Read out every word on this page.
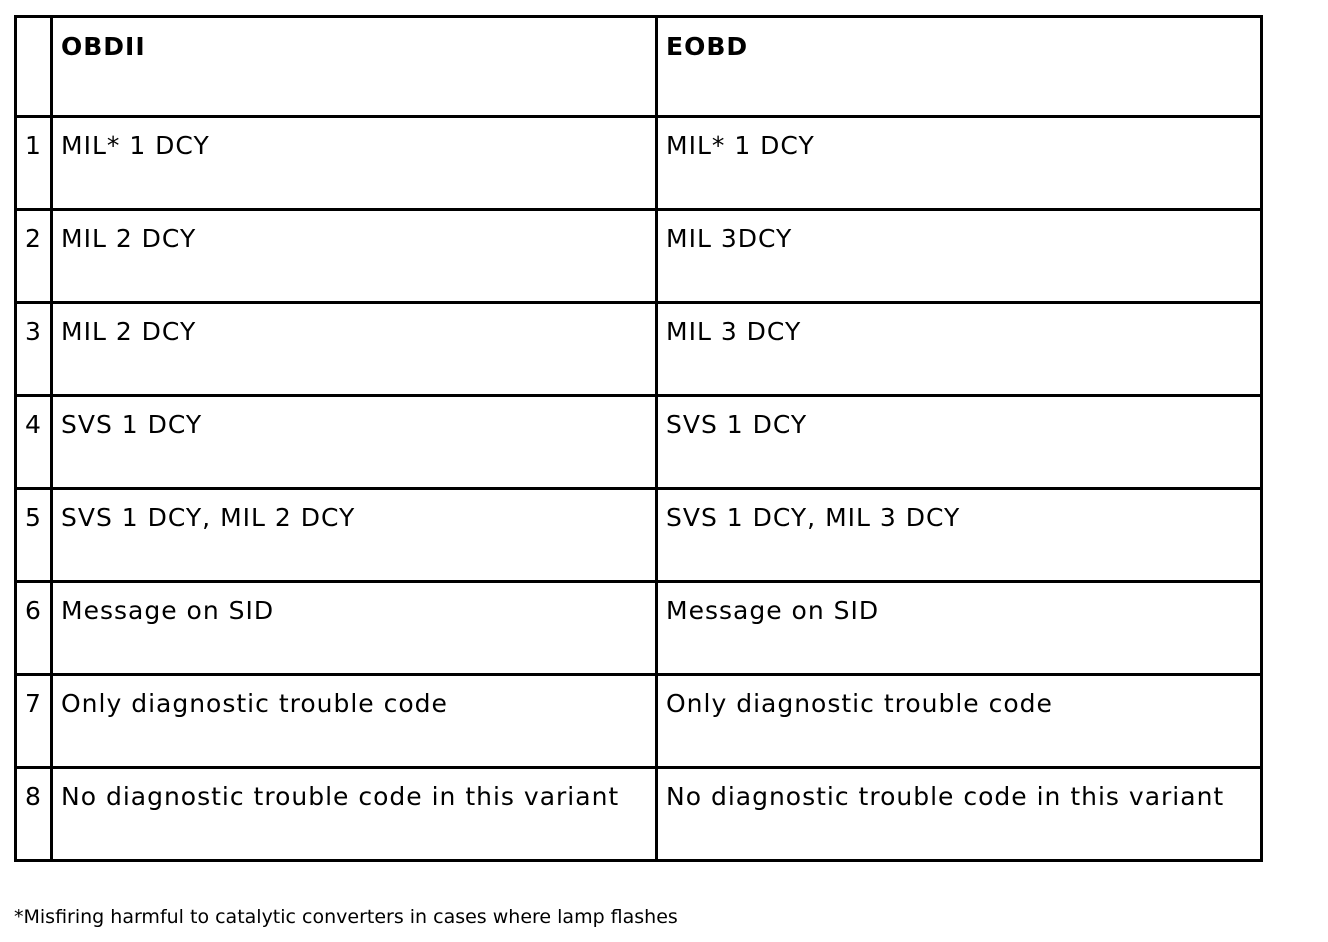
	OBDII	EOBD
1	MIL* 1 DCY	MIL* 1 DCY
2	MIL 2 DCY	MIL 3DCY
3	MIL 2 DCY	MIL 3 DCY
4	SVS 1 DCY	SVS 1 DCY
5	SVS 1 DCY, MIL 2 DCY	SVS 1 DCY, MIL 3 DCY
6	Message on SID	Message on SID
7	Only diagnostic trouble code	Only diagnostic trouble code
8	No diagnostic trouble code in this variant	No diagnostic trouble code in this variant
*Misfiring harmful to catalytic converters in cases where lamp flashes
